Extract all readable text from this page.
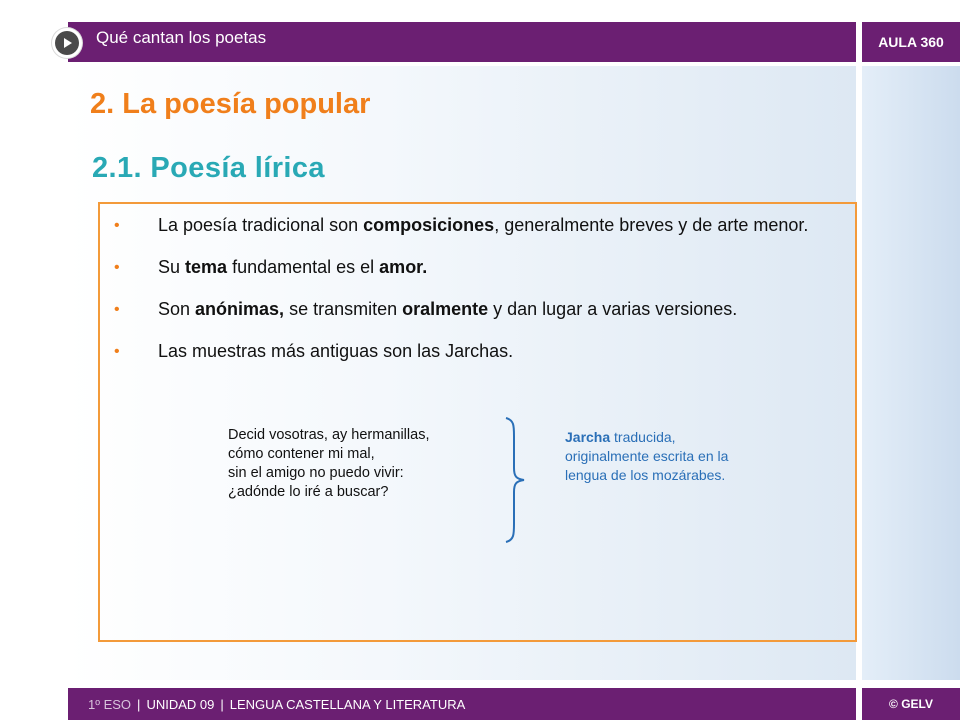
Qué cantan los poetas	AULA 360
2. La poesía popular
2.1. Poesía lírica
• La poesía tradicional son composiciones, generalmente breves y de arte menor.
• Su tema fundamental es el amor.
• Son anónimas, se transmiten oralmente y dan lugar a varias versiones.
• Las muestras más antiguas son las Jarchas.
Decid vosotras, ay hermanillas,
cómo contener mi mal,
sin el amigo no puedo vivir:
¿adónde lo iré a buscar?
Jarcha traducida, originalmente escrita en la lengua de los mozárabes.
1º ESO | UNIDAD 09 | LENGUA CASTELLANA Y LITERATURA	© GELV
